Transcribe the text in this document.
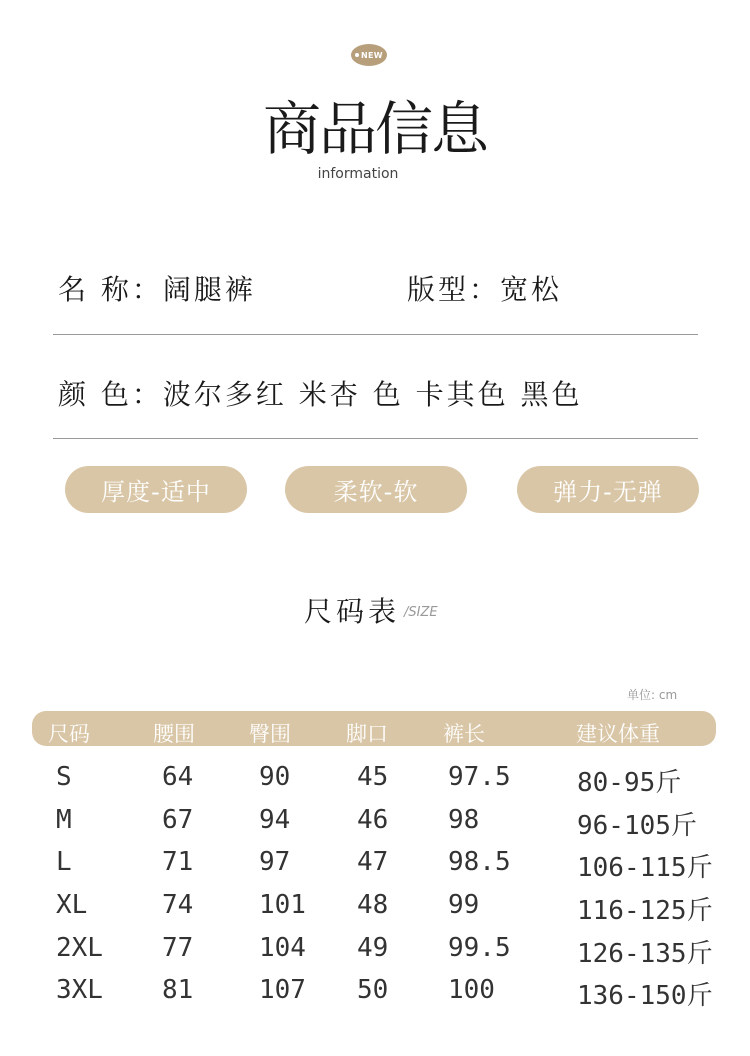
NEW
商品信息
information
名 称：阔腿裤	版型：宽松
颜 色：波尔多红 米杏 色 卡其色 黑色
厚度-适中	柔软-软	弹力-无弹
尺码表 /SIZE
单位: cm
尺码	腰围	臀围	脚口	裤长	建议体重
S	64	90	45 97.5	80-95斤
M	67	94	46 98	96-105斤
L	71	97	47 98.5	106-115斤
XL	74	101 48 99	116-125斤
2XL 77	104 49 99.5	126-135斤
3XL 81	107 50 100	136-150斤
